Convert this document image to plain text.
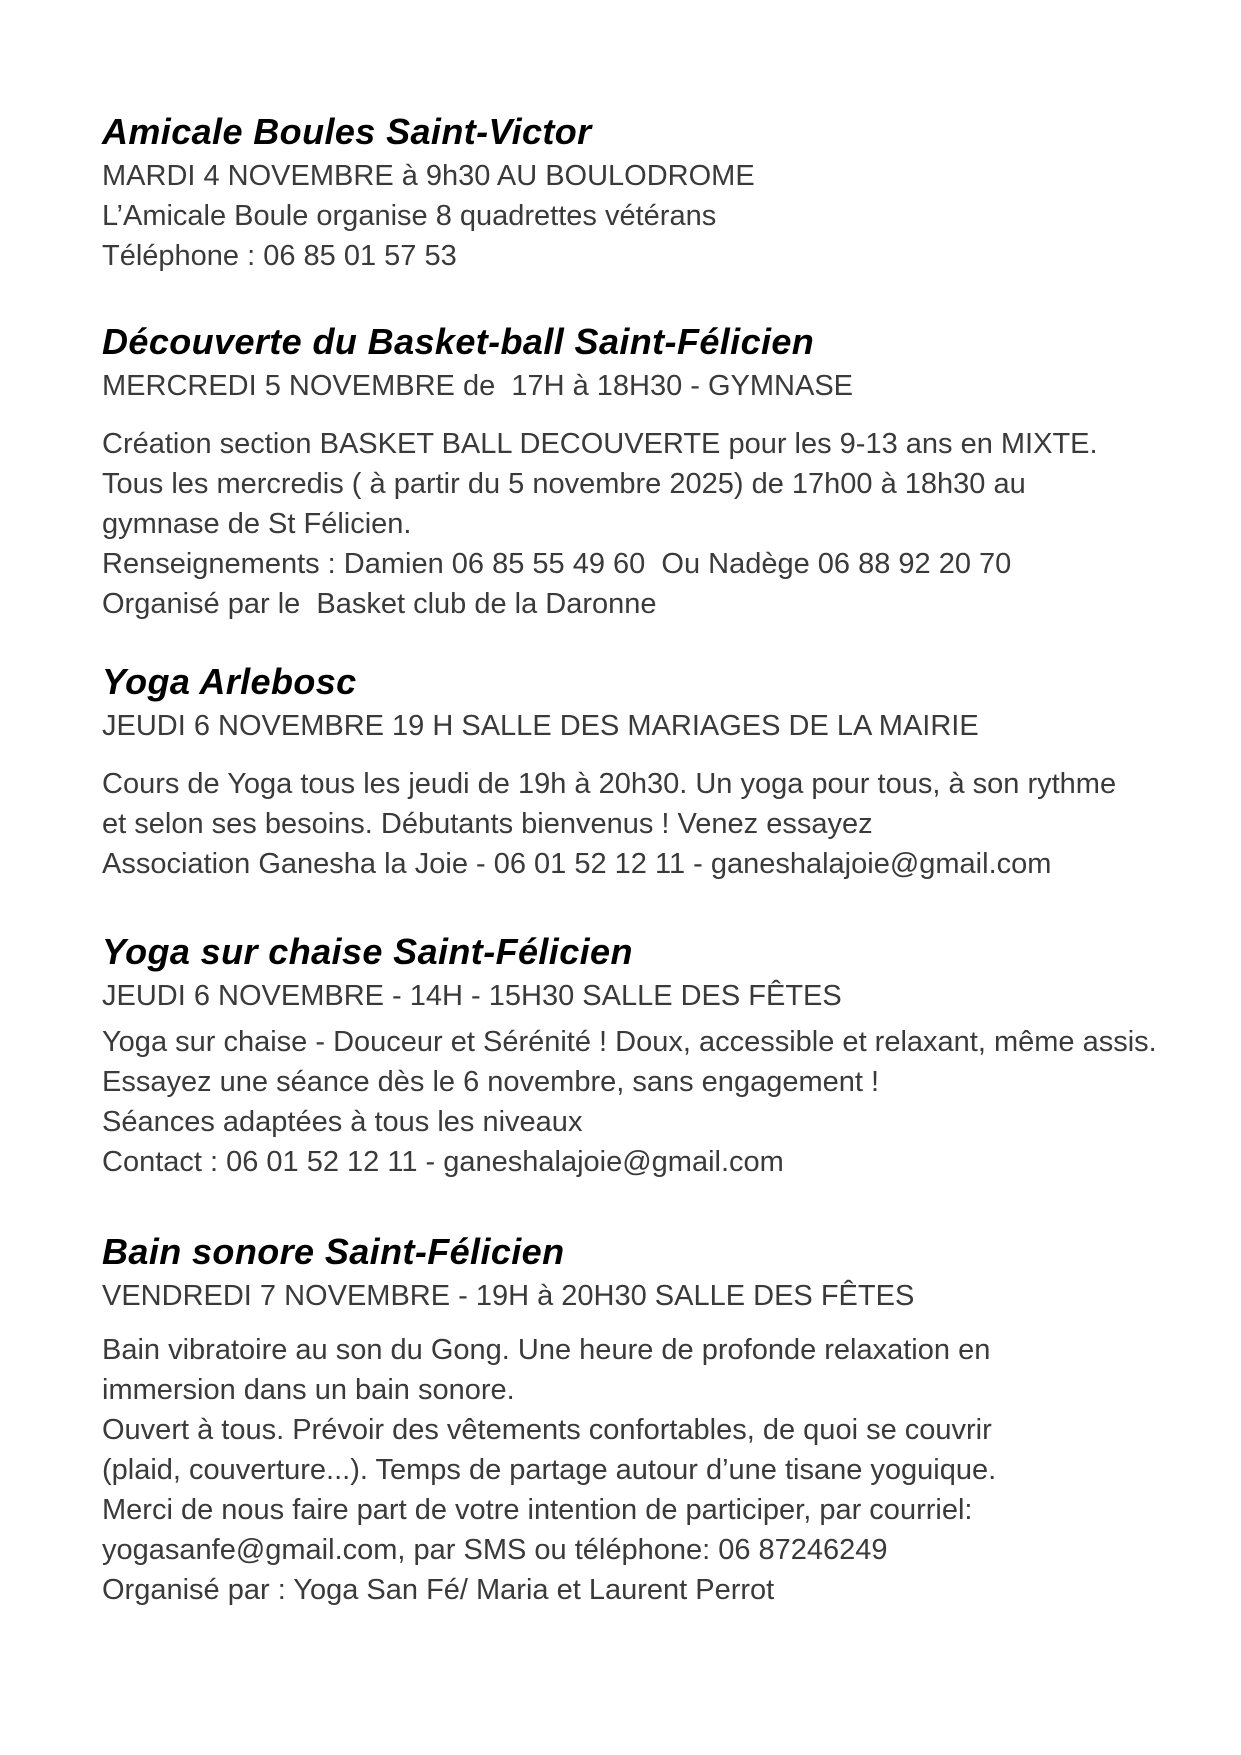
Amicale Boules Saint-Victor
MARDI 4 NOVEMBRE à 9h30 AU BOULODROME
L’Amicale Boule organise 8 quadrettes vétérans
Téléphone : 06 85 01 57 53
Découverte du Basket-ball Saint-Félicien
MERCREDI 5 NOVEMBRE de  17H à 18H30 - GYMNASE
Création section BASKET BALL DECOUVERTE pour les 9-13 ans en MIXTE.
Tous les mercredis ( à partir du 5 novembre 2025) de 17h00 à 18h30 au
gymnase de St Félicien.
Renseignements : Damien 06 85 55 49 60  Ou Nadège 06 88 92 20 70
Organisé par le  Basket club de la Daronne
Yoga Arlebosc
JEUDI 6 NOVEMBRE 19 H SALLE DES MARIAGES DE LA MAIRIE
Cours de Yoga tous les jeudi de 19h à 20h30. Un yoga pour tous, à son rythme
et selon ses besoins. Débutants bienvenus ! Venez essayez
Association Ganesha la Joie - 06 01 52 12 11 - ganeshalajoie@gmail.com
Yoga sur chaise Saint-Félicien
JEUDI 6 NOVEMBRE - 14H - 15H30 SALLE DES FÊTES
Yoga sur chaise - Douceur et Sérénité ! Doux, accessible et relaxant, même assis.
Essayez une séance dès le 6 novembre, sans engagement !
Séances adaptées à tous les niveaux
Contact : 06 01 52 12 11 - ganeshalajoie@gmail.com
Bain sonore Saint-Félicien
VENDREDI 7 NOVEMBRE - 19H à 20H30 SALLE DES FÊTES
Bain vibratoire au son du Gong. Une heure de profonde relaxation en
immersion dans un bain sonore.
Ouvert à tous. Prévoir des vêtements confortables, de quoi se couvrir
(plaid, couverture...). Temps de partage autour d’une tisane yoguique.
Merci de nous faire part de votre intention de participer, par courriel:
yogasanfe@gmail.com, par SMS ou téléphone: 06 87246249
Organisé par : Yoga San Fé/ Maria et Laurent Perrot
